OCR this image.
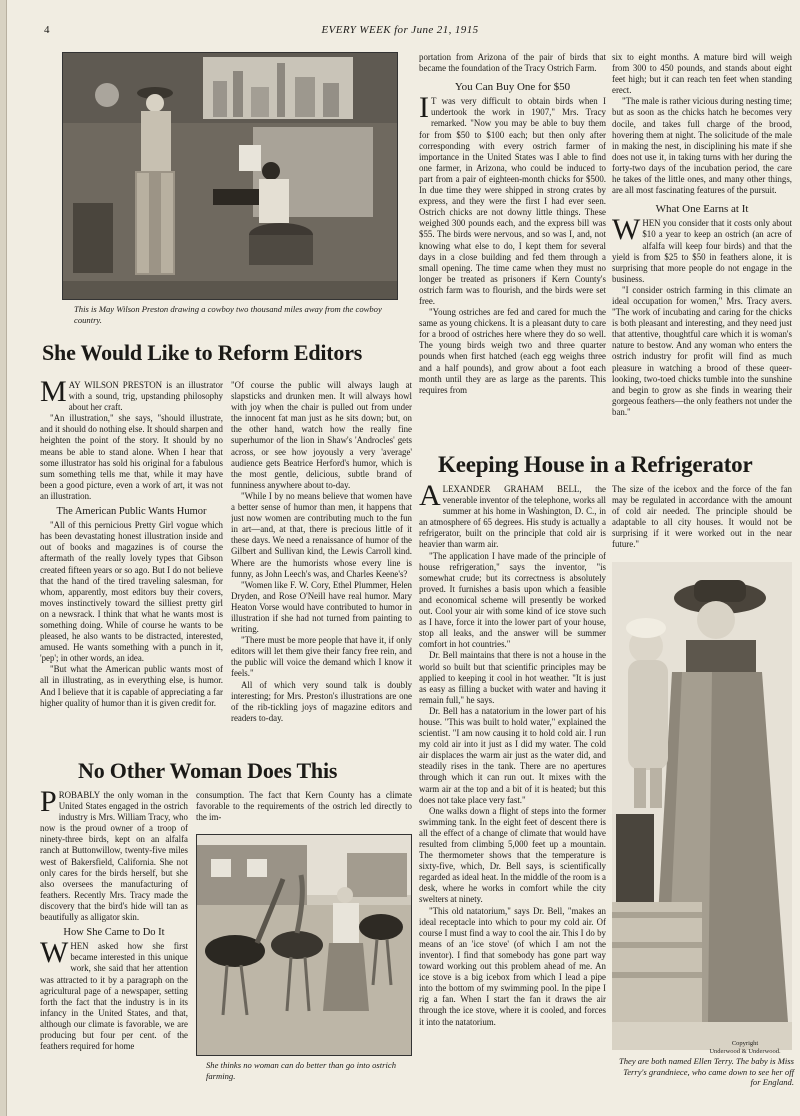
4	EVERY WEEK for June 21, 1915
This is May Wilson Preston drawing a cowboy two thousand miles away from the cowboy country.
She Would Like to Reform Editors

MAY WILSON PRESTON is an illustrator with a sound, trig, upstanding philosophy about her craft.

"An illustration," she says, "should illustrate, and it should do nothing else. It should sharpen and heighten the point of the story. It should by no means be able to stand alone. When I hear that some illustrator has sold his original for a fabulous sum something tells me that, while it may have been a good picture, even a work of art, it was not an illustration.

The American Public Wants Humor

"All of this pernicious Pretty Girl vogue which has been devastating honest illustration inside and out of books and magazines is of course the aftermath of the really lovely types that Gibson created fifteen years or so ago. But I do not believe that the hand of the tired traveling salesman, for whom, apparently, most editors buy their covers, moves instinctively toward the silliest pretty girl on a newsrack. I think that what he wants most is something doing. While of course he wants to be pleased, he also wants to be distracted, interested, amused. He wants something with a punch in it, 'pep'; in other words, an idea.

"But what the American public wants most of all in illustrating, as in everything else, is humor. And I believe that it is capable of appreciating a far higher quality of humor than it is given credit for.

"Of course the public will always laugh at slapsticks and drunken men. It will always howl with joy when the chair is pulled out from under the innocent fat man just as he sits down; but, on the other hand, watch how the really fine superhumor of the lion in Shaw's 'Androcles' gets across, or see how joyously a very 'average' audience gets Beatrice Herford's humor, which is the most gentle, delicious, subtle brand of funniness anywhere about to-day.

"While I by no means believe that women have a better sense of humor than men, it happens that just now women are contributing much to the fun in art—and, at that, there is precious little of it these days. We need a renaissance of humor of the Gilbert and Sullivan kind, the Lewis Carroll kind. Where are the humorists whose every line is funny, as John Leech's was, and Charles Keene's?

"Women like F. W. Cory, Ethel Plummer, Helen Dryden, and Rose O'Neill have real humor. Mary Heaton Vorse would have contributed to humor in illustration if she had not turned from painting to writing.

"There must be more people that have it, if only editors will let them give their fancy free rein, and the public will voice the demand which I know it feels."

All of which very sound talk is doubly interesting; for Mrs. Preston's illustrations are one of the rib-tickling joys of magazine editors and readers to-day.

portation from Arizona of the pair of birds that became the foundation of the Tracy Ostrich Farm.

You Can Buy One for $50

I T was very difficult to obtain birds when I undertook the work in 1907," Mrs. Tracy remarked. "Now you may be able to buy them for from $50 to $100 each; but then only after corresponding with every ostrich farmer of importance in the United States was I able to find one farmer, in Arizona, who could be induced to part from a pair of eighteen-month chicks for $500. In due time they were shipped in strong crates by express, and they were the first I had ever seen. Ostrich chicks are not downy little things. These weighed 300 pounds each, and the express bill was $55. The birds were nervous, and so was I, and, not knowing what else to do, I kept them for several days in a close building and fed them through a small opening. The time came when they must no longer be treated as prisoners if Kern County's ostrich farm was to flourish, and the birds were set free.

"Young ostriches are fed and cared for much the same as young chickens. It is a pleasant duty to care for a brood of ostriches here where they do so well. The young birds weigh two and three quarter pounds when first hatched (each egg weighs three and a half pounds), and grow about a foot each month until they are as large as the parents. This requires from

six to eight months. A mature bird will weigh from 300 to 450 pounds, and stands about eight feet high; but it can reach ten feet when standing erect.

"The male is rather vicious during nesting time; but as soon as the chicks hatch he becomes very docile, and takes full charge of the brood, hovering them at night. The solicitude of the male in making the nest, in disciplining his mate if she does not use it, in taking turns with her during the forty-two days of the incubation period, the care he takes of the little ones, and many other things, are all most fascinating features of the pursuit.

What One Earns at It

WHEN you consider that it costs only about $10 a year to keep an ostrich (an acre of alfalfa will keep four birds) and that the yield is from $25 to $50 in feathers alone, it is surprising that more people do not engage in the business.

"I consider ostrich farming in this climate an ideal occupation for women," Mrs. Tracy avers. "The work of incubating and caring for the chicks is both pleasant and interesting, and they need just that attentive, thoughtful care which it is woman's nature to bestow. And any woman who enters the ostrich industry for profit will find as much pleasure in watching a brood of these queer-looking, two-toed chicks tumble into the sunshine and begin to grow as she finds in wearing their gorgeous feathers—the only feathers not under the ban."

Keeping House in a Refrigerator

ALEXANDER GRAHAM BELL, the venerable inventor of the telephone, works all summer at his home in Washington, D. C., in an atmosphere of 65 degrees. His study is actually a refrigerator, built on the principle that cold air is heavier than warm air.

"The application I have made of the principle of house refrigeration," says the inventor, "is somewhat crude; but its correctness is absolutely proved. It furnishes a basis upon which a feasible and economical scheme will presently be worked out. Cool your air with some kind of ice stove such as I have, force it into the lower part of your house, stop all leaks, and the answer will be summer comfort in hot countries."

Dr. Bell maintains that there is not a house in the world so built but that scientific principles may be applied to keeping it cool in hot weather. "It is just as easy as filling a bucket with water and having it remain full," he says.

Dr. Bell has a natatorium in the lower part of his house. "This was built to hold water," explained the scientist. "I am now causing it to hold cold air. I run my cold air into it just as I did my water. The cold air displaces the warm air just as the water did, and steadily rises in the tank. There are no apertures through which it can run out. It mixes with the warm air at the top and a bit of it is heated; but this does not take place very fast."

One walks down a flight of steps into the former swimming tank. In the eight feet of descent there is all the effect of a change of climate that would have resulted from climbing 5,000 feet up a mountain. The thermometer shows that the temperature is sixty-five, which, Dr. Bell says, is scientifically regarded as ideal heat. In the middle of the room is a desk, where he works in comfort while the city swelters at ninety.

"This old natatorium," says Dr. Bell, "makes an ideal receptacle into which to pour my cold air. Of course I must find a way to cool the air. This I do by means of an 'ice stove' (of which I am not the inventor). I find that somebody has gone part way toward working out this problem ahead of me. An ice stove is a big icebox from which I lead a pipe into the bottom of my swimming pool. In the pipe I rig a fan. When I start the fan it draws the air through the ice stove, where it is cooled, and forces it into the natatorium.

The size of the icebox and the force of the fan may be regulated in accordance with the amount of cold air needed. The principle should be adaptable to all city houses. It would not be surprising if it were worked out in the near future."

Copyright
Underwood & Underwood.
They are both named Ellen Terry. The baby is Miss Terry's grandniece, who came down to see her off for England.
No Other Woman Does This

PROBABLY the only woman in the United States engaged in the ostrich industry is Mrs. William Tracy, who now is the proud owner of a troop of ninety-three birds, kept on an alfalfa ranch at Buttonwillow, twenty-five miles west of Bakersfield, California. She not only cares for the birds herself, but she also oversees the manufacturing of feathers. Recently Mrs. Tracy made the discovery that the bird's hide will tan as beautifully as alligator skin.

How She Came to Do It

WHEN asked how she first became interested in this unique work, she said that her attention was attracted to it by a paragraph on the agricultural page of a newspaper, setting forth the fact that the industry is in its infancy in the United States, and that, although our climate is favorable, we are producing but four per cent. of the feathers required for home

consumption. The fact that Kern County has a climate favorable to the requirements of the ostrich led directly to the im-

She thinks no woman can do better than go into ostrich farming.
